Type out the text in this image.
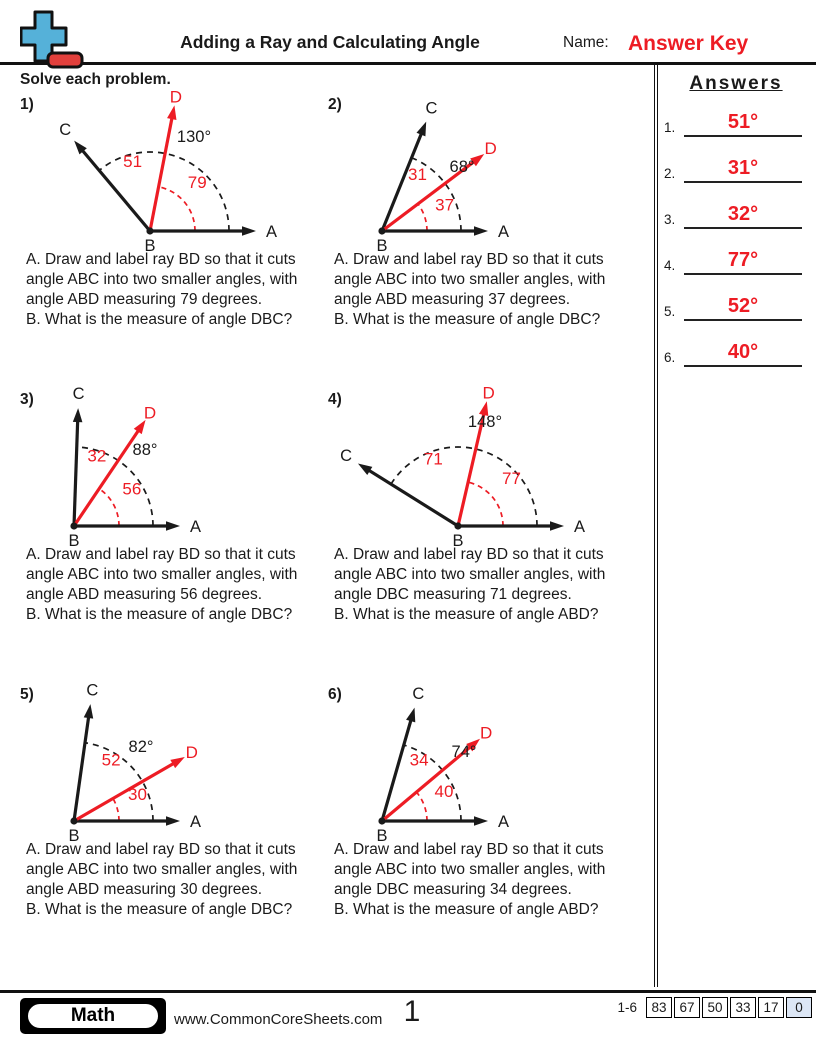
Adding a Ray and Calculating Angle	Name: Answer Key
Solve each problem.
1)
A
B
C
D
130°
51
79
A. Draw and label ray BD so that it cuts angle ABC into two smaller angles, with angle ABD measuring 79 degrees.
B. What is the measure of angle DBC?
2)
A
B
C
D
68°
31
37
A. Draw and label ray BD so that it cuts angle ABC into two smaller angles, with angle ABD measuring 37 degrees.
B. What is the measure of angle DBC?
3)
A
B
C
D
88°
32
56
A. Draw and label ray BD so that it cuts angle ABC into two smaller angles, with angle ABD measuring 56 degrees.
B. What is the measure of angle DBC?
4)
A
B
C
D
148°
71
77
A. Draw and label ray BD so that it cuts angle ABC into two smaller angles, with angle DBC measuring 71 degrees.
B. What is the measure of angle ABD?
5)
A
B
C
D
82°
52
30
A. Draw and label ray BD so that it cuts angle ABC into two smaller angles, with angle ABD measuring 30 degrees.
B. What is the measure of angle DBC?
6)
A
B
C
D
74°
34
40
A. Draw and label ray BD so that it cuts angle ABC into two smaller angles, with angle DBC measuring 34 degrees.
B. What is the measure of angle ABD?
Answers
1.	51°
2.	31°
3.	32°
4.	77°
5.	52°
6.	40°
Math	www.CommonCoreSheets.com 1	1-6	83 67 50 33 17	0
